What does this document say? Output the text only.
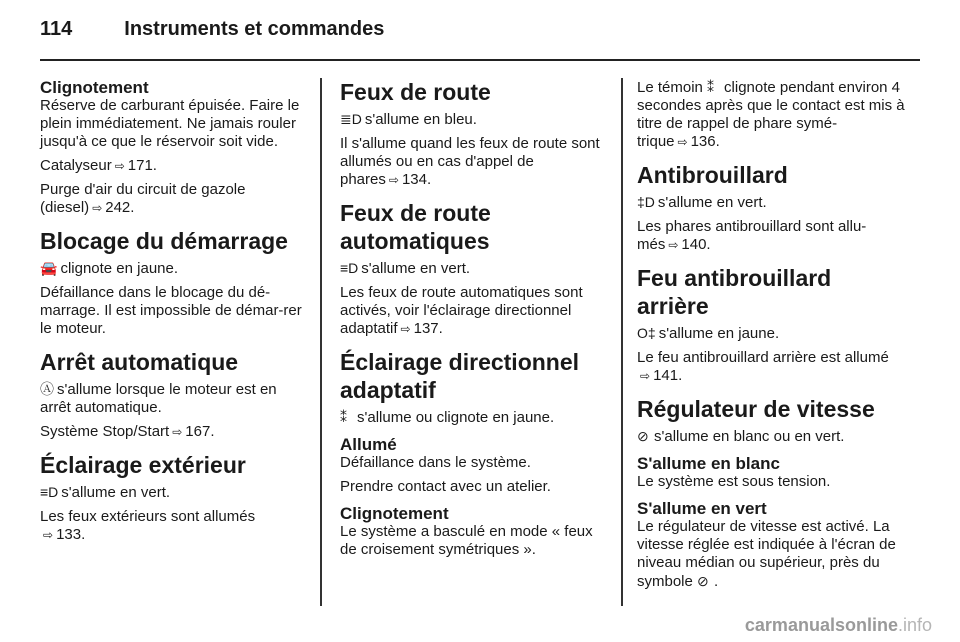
114	Instruments et commandes
Clignotement

Réserve de carburant épuisée. Faire le plein immédiatement. Ne jamais rouler jusqu'à ce que le réservoir soit vide.

Catalyseur ⇨ 171.

Purge d'air du circuit de gazole (diesel) ⇨ 242.

Blocage du démarrage

🚘 clignote en jaune.

Défaillance dans le blocage du dé-marrage. Il est impossible de démar-rer le moteur.

Arrêt automatique

Ⓐ s'allume lorsque le moteur est en arrêt automatique.

Système Stop/Start ⇨ 167.

Éclairage extérieur

≡D s'allume en vert.

Les feux extérieurs sont allumés
⇨ 133.

Feux de route

≣D s'allume en bleu.

Il s'allume quand les feux de route sont allumés ou en cas d'appel de phares ⇨ 134.

Feux de route automatiques

≡D s'allume en vert.

Les feux de route automatiques sont activés, voir l'éclairage directionnel adaptatif ⇨ 137.

Éclairage directionnel adaptatif

⁑ s'allume ou clignote en jaune.

Allumé

Défaillance dans le système.

Prendre contact avec un atelier.

Clignotement

Le système a basculé en mode « feux de croisement symétriques ».

Le témoin ⁑ clignote pendant environ 4 secondes après que le contact est mis à titre de rappel de phare symé-trique ⇨ 136.

Antibrouillard

‡D s'allume en vert.

Les phares antibrouillard sont allu-més ⇨ 140.

Feu antibrouillard arrière

O‡ s'allume en jaune.

Le feu antibrouillard arrière est allumé
⇨ 141.

Régulateur de vitesse

⊘ s'allume en blanc ou en vert.

S'allume en blanc

Le système est sous tension.

S'allume en vert

Le régulateur de vitesse est activé. La vitesse réglée est indiquée à l'écran de niveau médian ou supérieur, près du symbole ⊘ .

carmanualsonline.info
